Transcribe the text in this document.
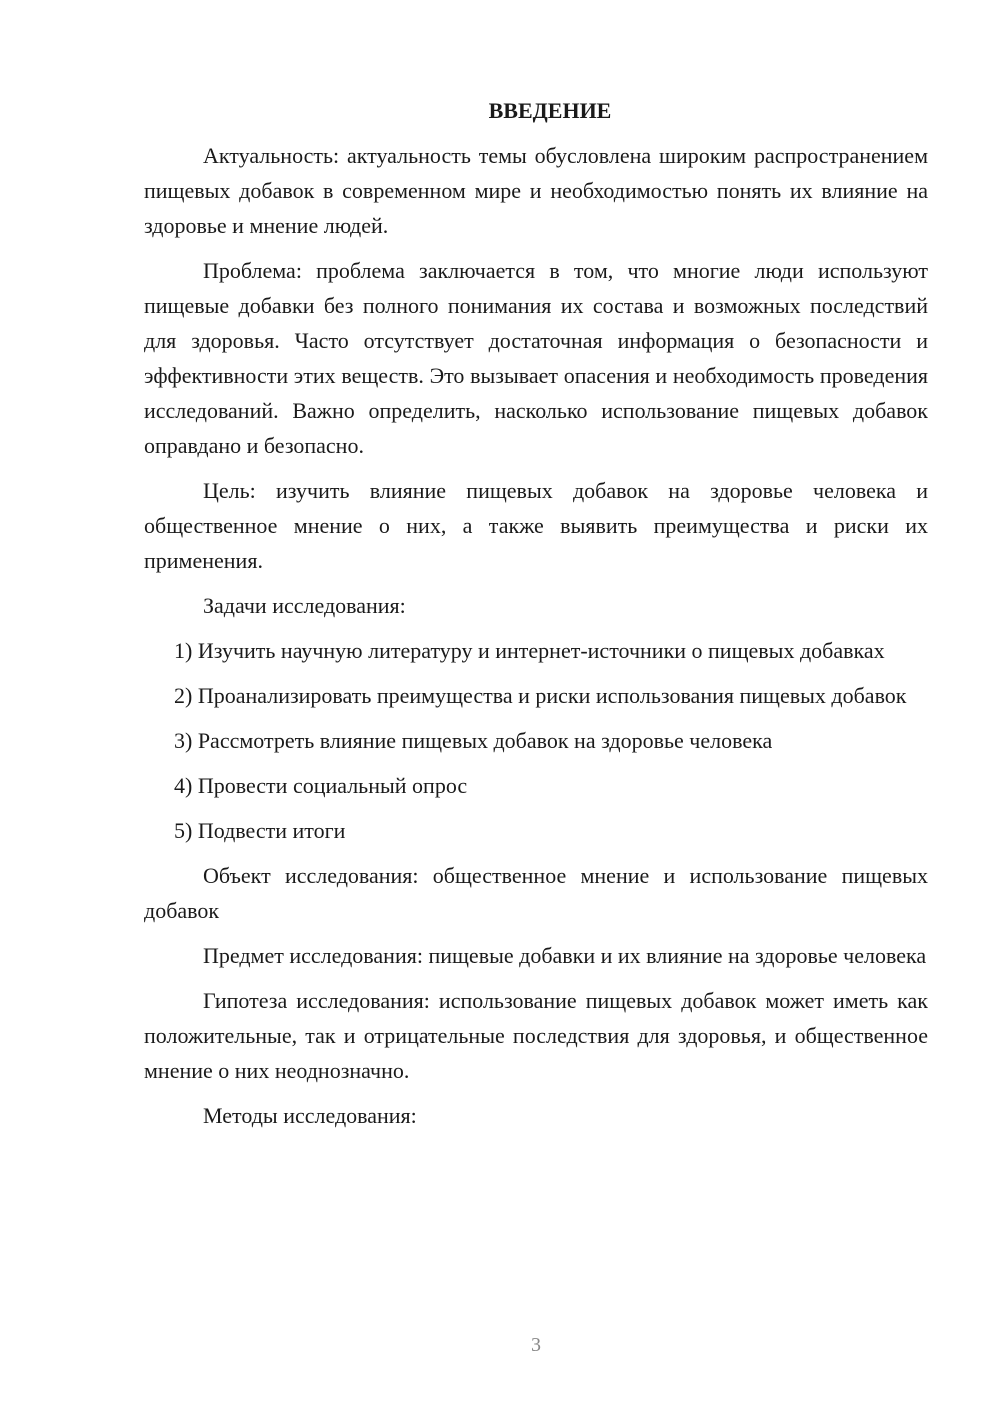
ВВЕДЕНИЕ

Актуальность: актуальность темы обусловлена широким распространением пищевых добавок в современном мире и необходимостью понять их влияние на здоровье и мнение людей.

Проблема: проблема заключается в том, что многие люди используют пищевые добавки без полного понимания их состава и возможных последствий для здоровья. Часто отсутствует достаточная информация о безопасности и эффективности этих веществ. Это вызывает опасения и необходимость проведения исследований. Важно определить, насколько использование пищевых добавок оправдано и безопасно.

Цель: изучить влияние пищевых добавок на здоровье человека и общественное мнение о них, а также выявить преимущества и риски их применения.

Задачи исследования:

1) Изучить научную литературу и интернет-источники о пищевых добавках

2) Проанализировать преимущества и риски использования пищевых добавок

3) Рассмотреть влияние пищевых добавок на здоровье человека

4) Провести социальный опрос

5) Подвести итоги

Объект исследования: общественное мнение и использование пищевых добавок

Предмет исследования: пищевые добавки и их влияние на здоровье человека

Гипотеза исследования: использование пищевых добавок может иметь как положительные, так и отрицательные последствия для здоровья, и общественное мнение о них неоднозначно.

Методы исследования:

3
